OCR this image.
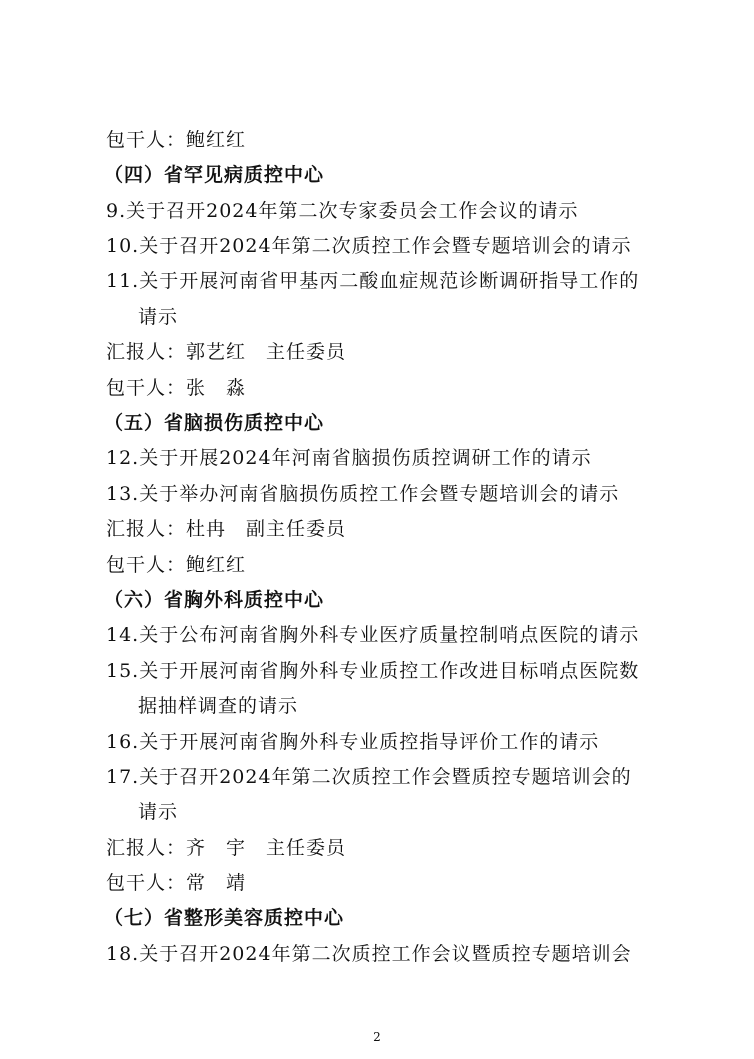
包干人：鲍红红
（四）省罕见病质控中心
9.关于召开2024年第二次专家委员会工作会议的请示
10.关于召开2024年第二次质控工作会暨专题培训会的请示
11.关于开展河南省甲基丙二酸血症规范诊断调研指导工作的
请示
汇报人：郭艺红　主任委员
包干人：张　淼
（五）省脑损伤质控中心
12.关于开展2024年河南省脑损伤质控调研工作的请示
13.关于举办河南省脑损伤质控工作会暨专题培训会的请示
汇报人：杜冉　副主任委员
包干人：鲍红红
（六）省胸外科质控中心
14.关于公布河南省胸外科专业医疗质量控制哨点医院的请示
15.关于开展河南省胸外科专业质控工作改进目标哨点医院数
据抽样调查的请示
16.关于开展河南省胸外科专业质控指导评价工作的请示
17.关于召开2024年第二次质控工作会暨质控专题培训会的
请示
汇报人：齐　宇　主任委员
包干人：常　靖
（七）省整形美容质控中心
18.关于召开2024年第二次质控工作会议暨质控专题培训会
2
